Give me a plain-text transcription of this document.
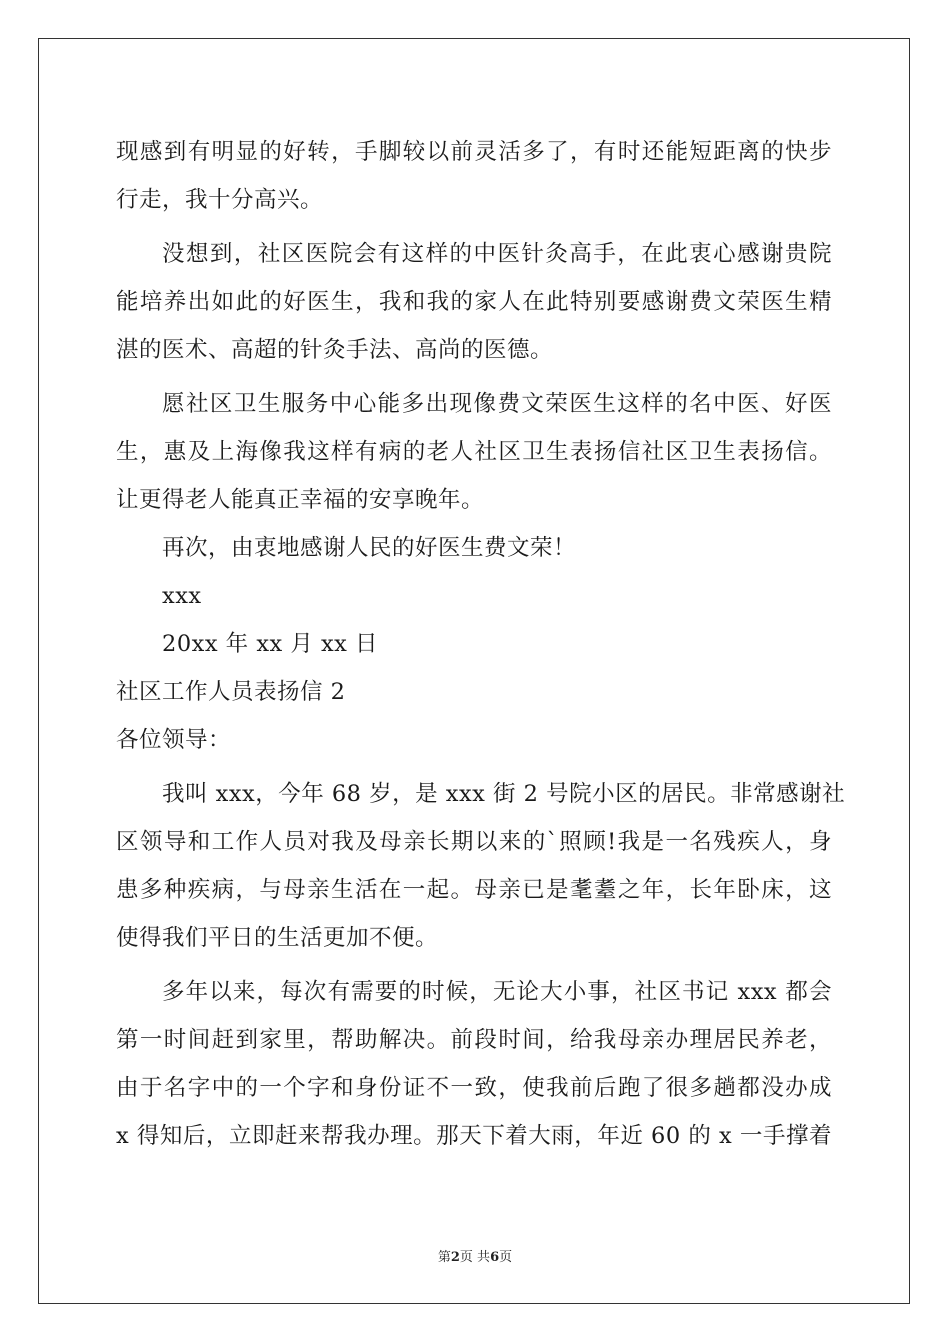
现感到有明显的好转，手脚较以前灵活多了，有时还能短距离的快步
行走，我十分高兴。
没想到，社区医院会有这样的中医针灸高手，在此衷心感谢贵院
能培养出如此的好医生，我和我的家人在此特别要感谢费文荣医生精
湛的医术、高超的针灸手法、高尚的医德。
愿社区卫生服务中心能多出现像费文荣医生这样的名中医、好医
生，惠及上海像我这样有病的老人社区卫生表扬信社区卫生表扬信。
让更得老人能真正幸福的安享晚年。
再次，由衷地感谢人民的好医生费文荣！
xxx
20xx 年 xx 月 xx 日
社区工作人员表扬信 2
各位领导：
我叫 xxx，今年 68 岁，是 xxx 街 2 号院小区的居民。非常感谢社
区领导和工作人员对我及母亲长期以来的`照顾!我是一名残疾人，身
患多种疾病，与母亲生活在一起。母亲已是耄耋之年，长年卧床，这
使得我们平日的生活更加不便。
多年以来，每次有需要的时候，无论大小事，社区书记 xxx 都会
第一时间赶到家里，帮助解决。前段时间，给我母亲办理居民养老，
由于名字中的一个字和身份证不一致，使我前后跑了很多趟都没办成
x 得知后，立即赶来帮我办理。那天下着大雨，年近 60 的 x 一手撑着
第2页 共6页
